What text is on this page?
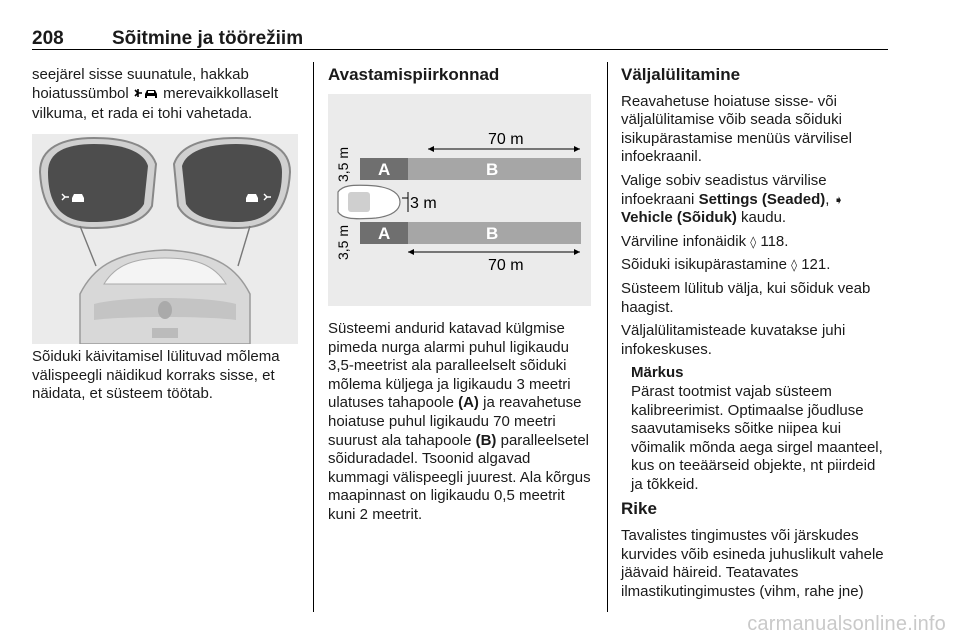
208	Sõitmine ja töörežiim

seejärel sisse suunatule, hakkab
hoiatussümbol merevaikkollaselt vilkuma, et rada ei tohi vahetada.

Sõiduki käivitamisel lülituvad mõlema välispeegli näidikud korraks sisse, et näidata, et süsteem töötab.

Avastamispiirkonnad
70 m
3,5 m
3,5 m
A	B
3 m
A	B
70 m

Süsteemi andurid katavad külgmise pimeda nurga alarmi puhul ligikaudu 3,5-meetrist ala paralleelselt sõiduki mõlema küljega ja ligikaudu 3 meetri ulatuses tahapoole (A) ja reavahetuse hoiatuse puhul ligikaudu 70 meetri suurust ala tahapoole (B) paralleelsetel sõiduradadel. Tsoonid algavad kummagi välispeegli juurest. Ala kõrgus maapinnast on ligikaudu 0,5 meetrit kuni 2 meetrit.

Väljalülitamine

Reavahetuse hoiatuse sisse- või väljalülitamise võib seada sõiduki isikupärastamise menüüs värvilisel infoekraanil.

Valige sobiv seadistus värvilise infoekraani Settings (Seaded), ➧ Vehicle (Sõiduk) kaudu.

Värviline infonäidik ◊ 118.

Sõiduki isikupärastamine ◊ 121.

Süsteem lülitub välja, kui sõiduk veab haagist.

Väljalülitamisteade kuvatakse juhi infokeskuses.

Märkus
Pärast tootmist vajab süsteem kalibreerimist. Optimaalse jõudluse saavutamiseks sõitke niipea kui võimalik mõnda aega sirgel maanteel, kus on teeäärseid objekte, nt piirdeid ja tõkkeid.
Rike

Tavalistes tingimustes või järskudes kurvides võib esineda juhuslikult vahele jäävaid häireid. Teatavates ilmastikutingimustes (vihm, rahe jne)

carmanualsonline.info
